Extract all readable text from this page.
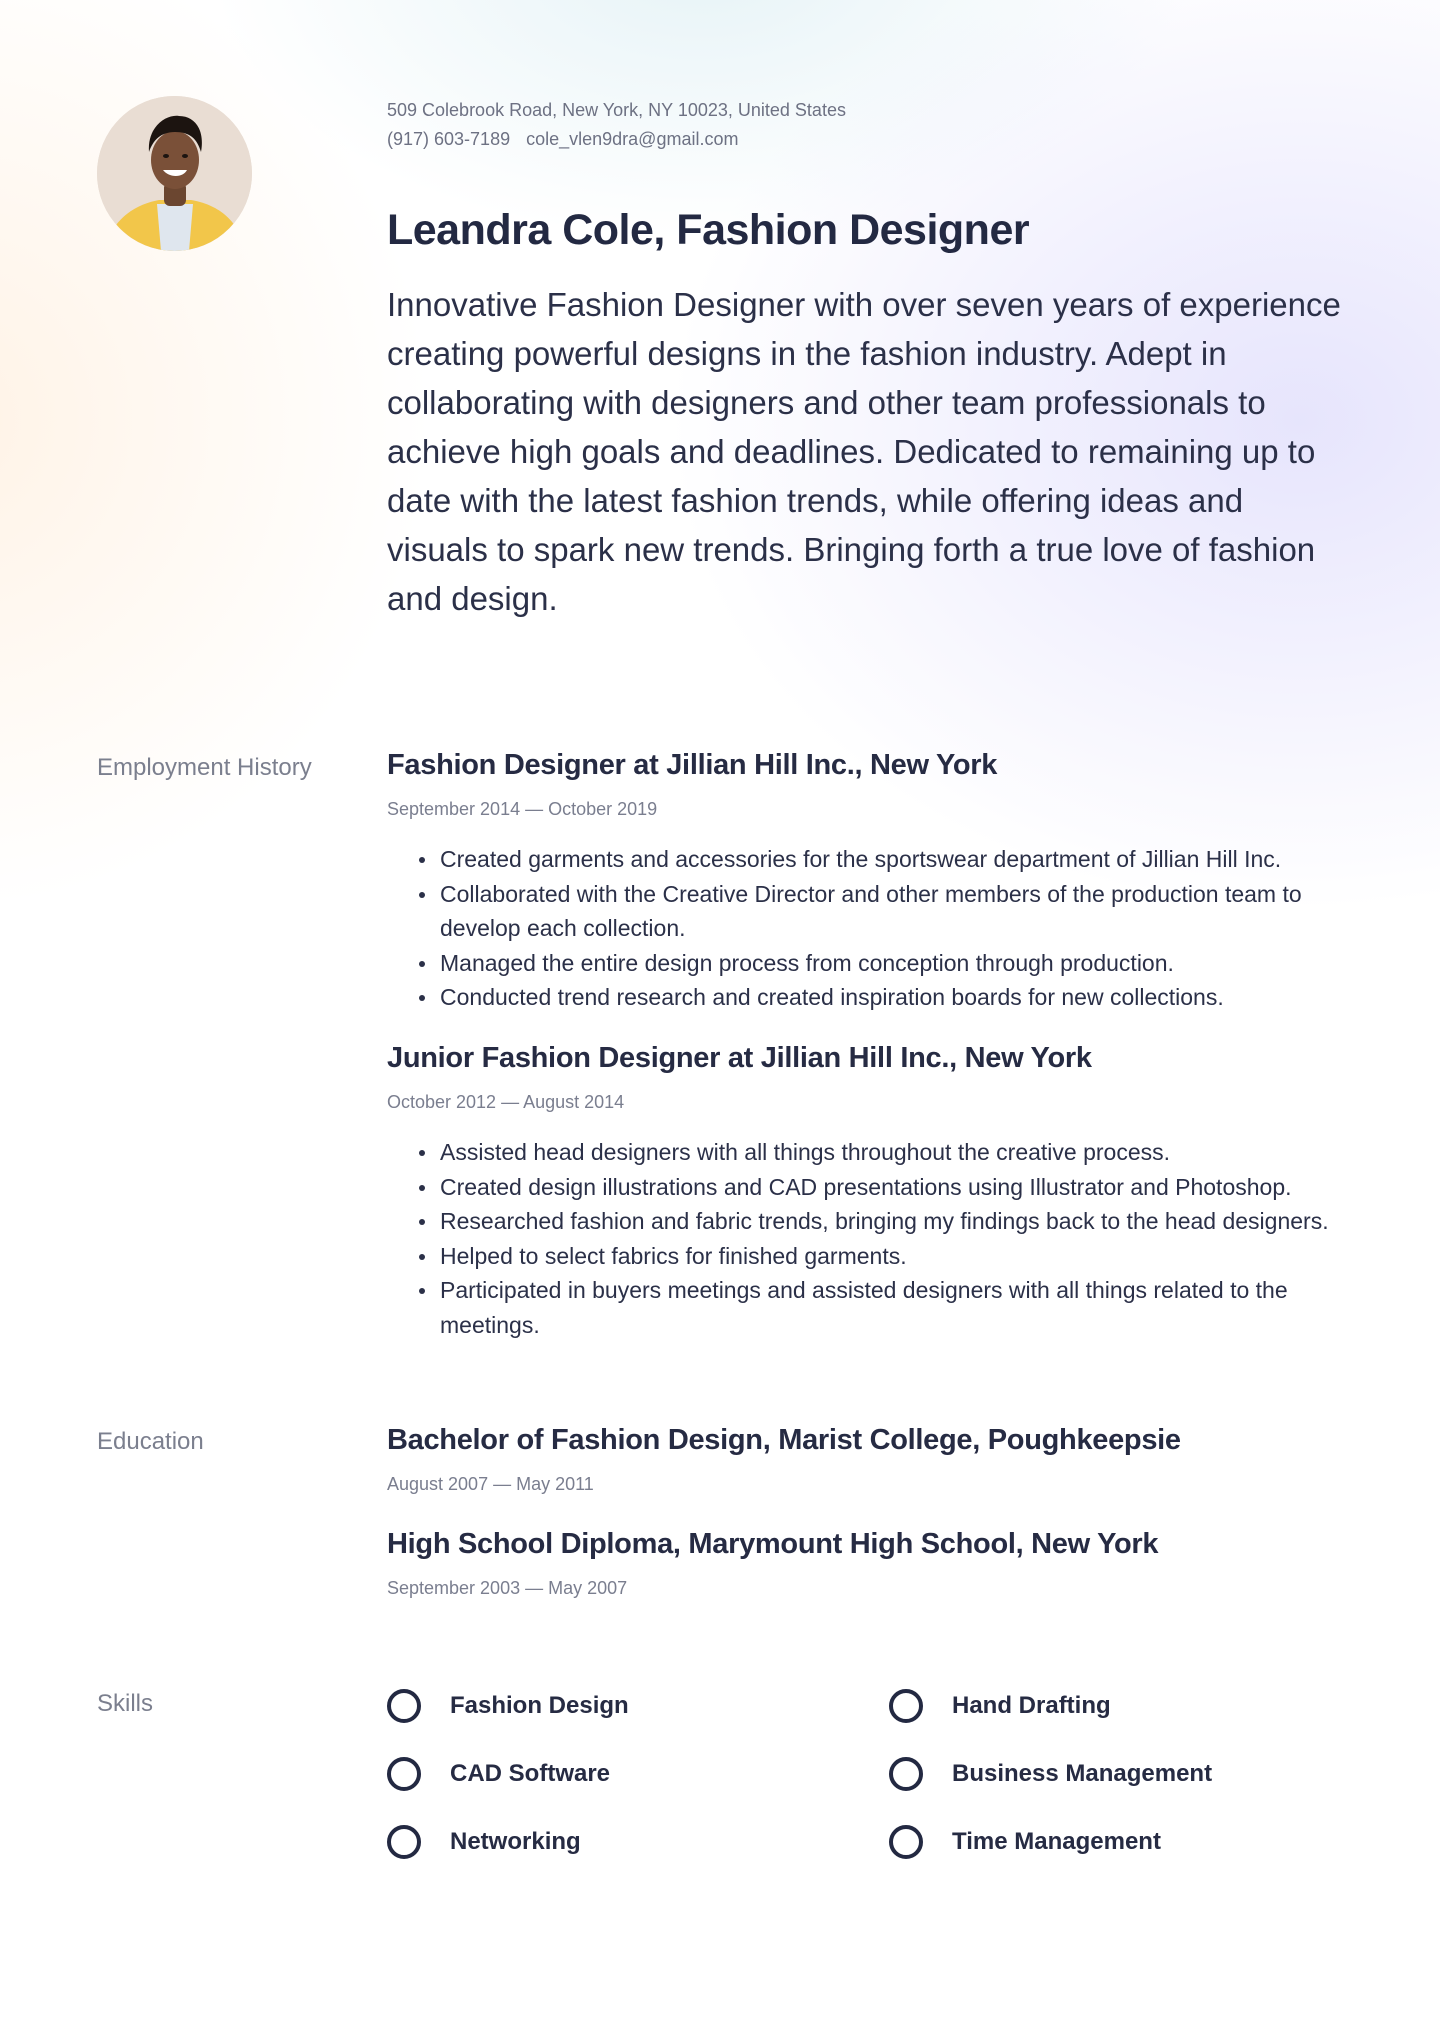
509 Colebrook Road, New York, NY 10023, United States
(917) 603-7189 cole_vlen9dra@gmail.com
Leandra Cole, Fashion Designer

Innovative Fashion Designer with over seven years of experience creating powerful designs in the fashion industry. Adept in collaborating with designers and other team professionals to achieve high goals and deadlines. Dedicated to remaining up to date with the latest fashion trends, while offering ideas and visuals to spark new trends. Bringing forth a true love of fashion and design.

Employment History	Fashion Designer at Jillian Hill Inc., New York
September 2014 — October 2019
Created garments and accessories for the sportswear department of Jillian Hill Inc.
Collaborated with the Creative Director and other members of the production team to develop each collection.
Managed the entire design process from conception through production.
Conducted trend research and created inspiration boards for new collections.
Junior Fashion Designer at Jillian Hill Inc., New York
October 2012 — August 2014
Assisted head designers with all things throughout the creative process.
Created design illustrations and CAD presentations using Illustrator and Photoshop.
Researched fashion and fabric trends, bringing my findings back to the head designers.
Helped to select fabrics for finished garments.
Participated in buyers meetings and assisted designers with all things related to the meetings.
Education	Bachelor of Fashion Design, Marist College, Poughkeepsie
August 2007 — May 2011
High School Diploma, Marymount High School, New York
September 2003 — May 2007
Skills	Fashion Design	Hand Drafting
CAD Software	Business Management
Networking	Time Management
